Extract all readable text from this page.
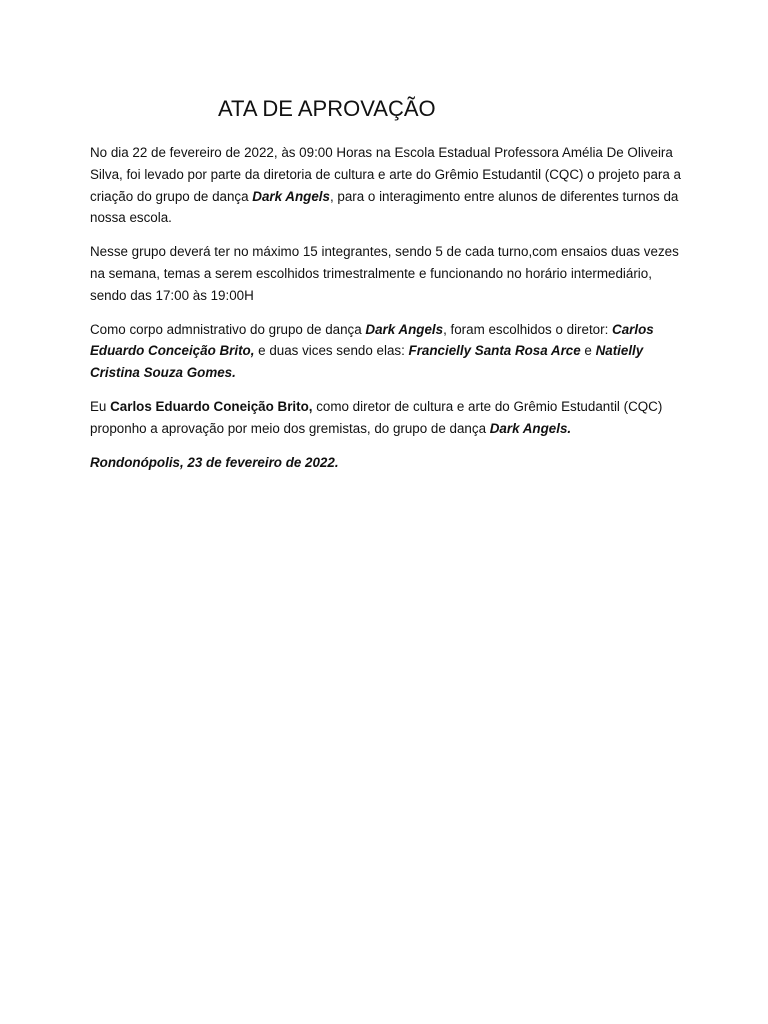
ATA DE APROVAÇÃO

No dia 22 de fevereiro de 2022, às 09:00 Horas na Escola Estadual Professora Amélia De Oliveira Silva, foi levado por parte da diretoria de cultura e arte do Grêmio Estudantil (CQC) o projeto para a criação do grupo de dança Dark Angels, para o interagimento entre alunos de diferentes turnos da nossa escola.

Nesse grupo deverá ter no máximo 15 integrantes, sendo 5 de cada turno,com ensaios duas vezes na semana, temas a serem escolhidos trimestralmente e funcionando no horário intermediário, sendo das 17:00 às 19:00H

Como corpo admnistrativo do grupo de dança Dark Angels, foram escolhidos o diretor: Carlos Eduardo Conceição Brito, e duas vices sendo elas: Francielly Santa Rosa Arce e Natielly Cristina Souza Gomes.

Eu Carlos Eduardo Coneição Brito, como diretor de cultura e arte do Grêmio Estudantil (CQC) proponho a aprovação por meio dos gremistas, do grupo de dança Dark Angels.

Rondonópolis, 23 de fevereiro de 2022.
